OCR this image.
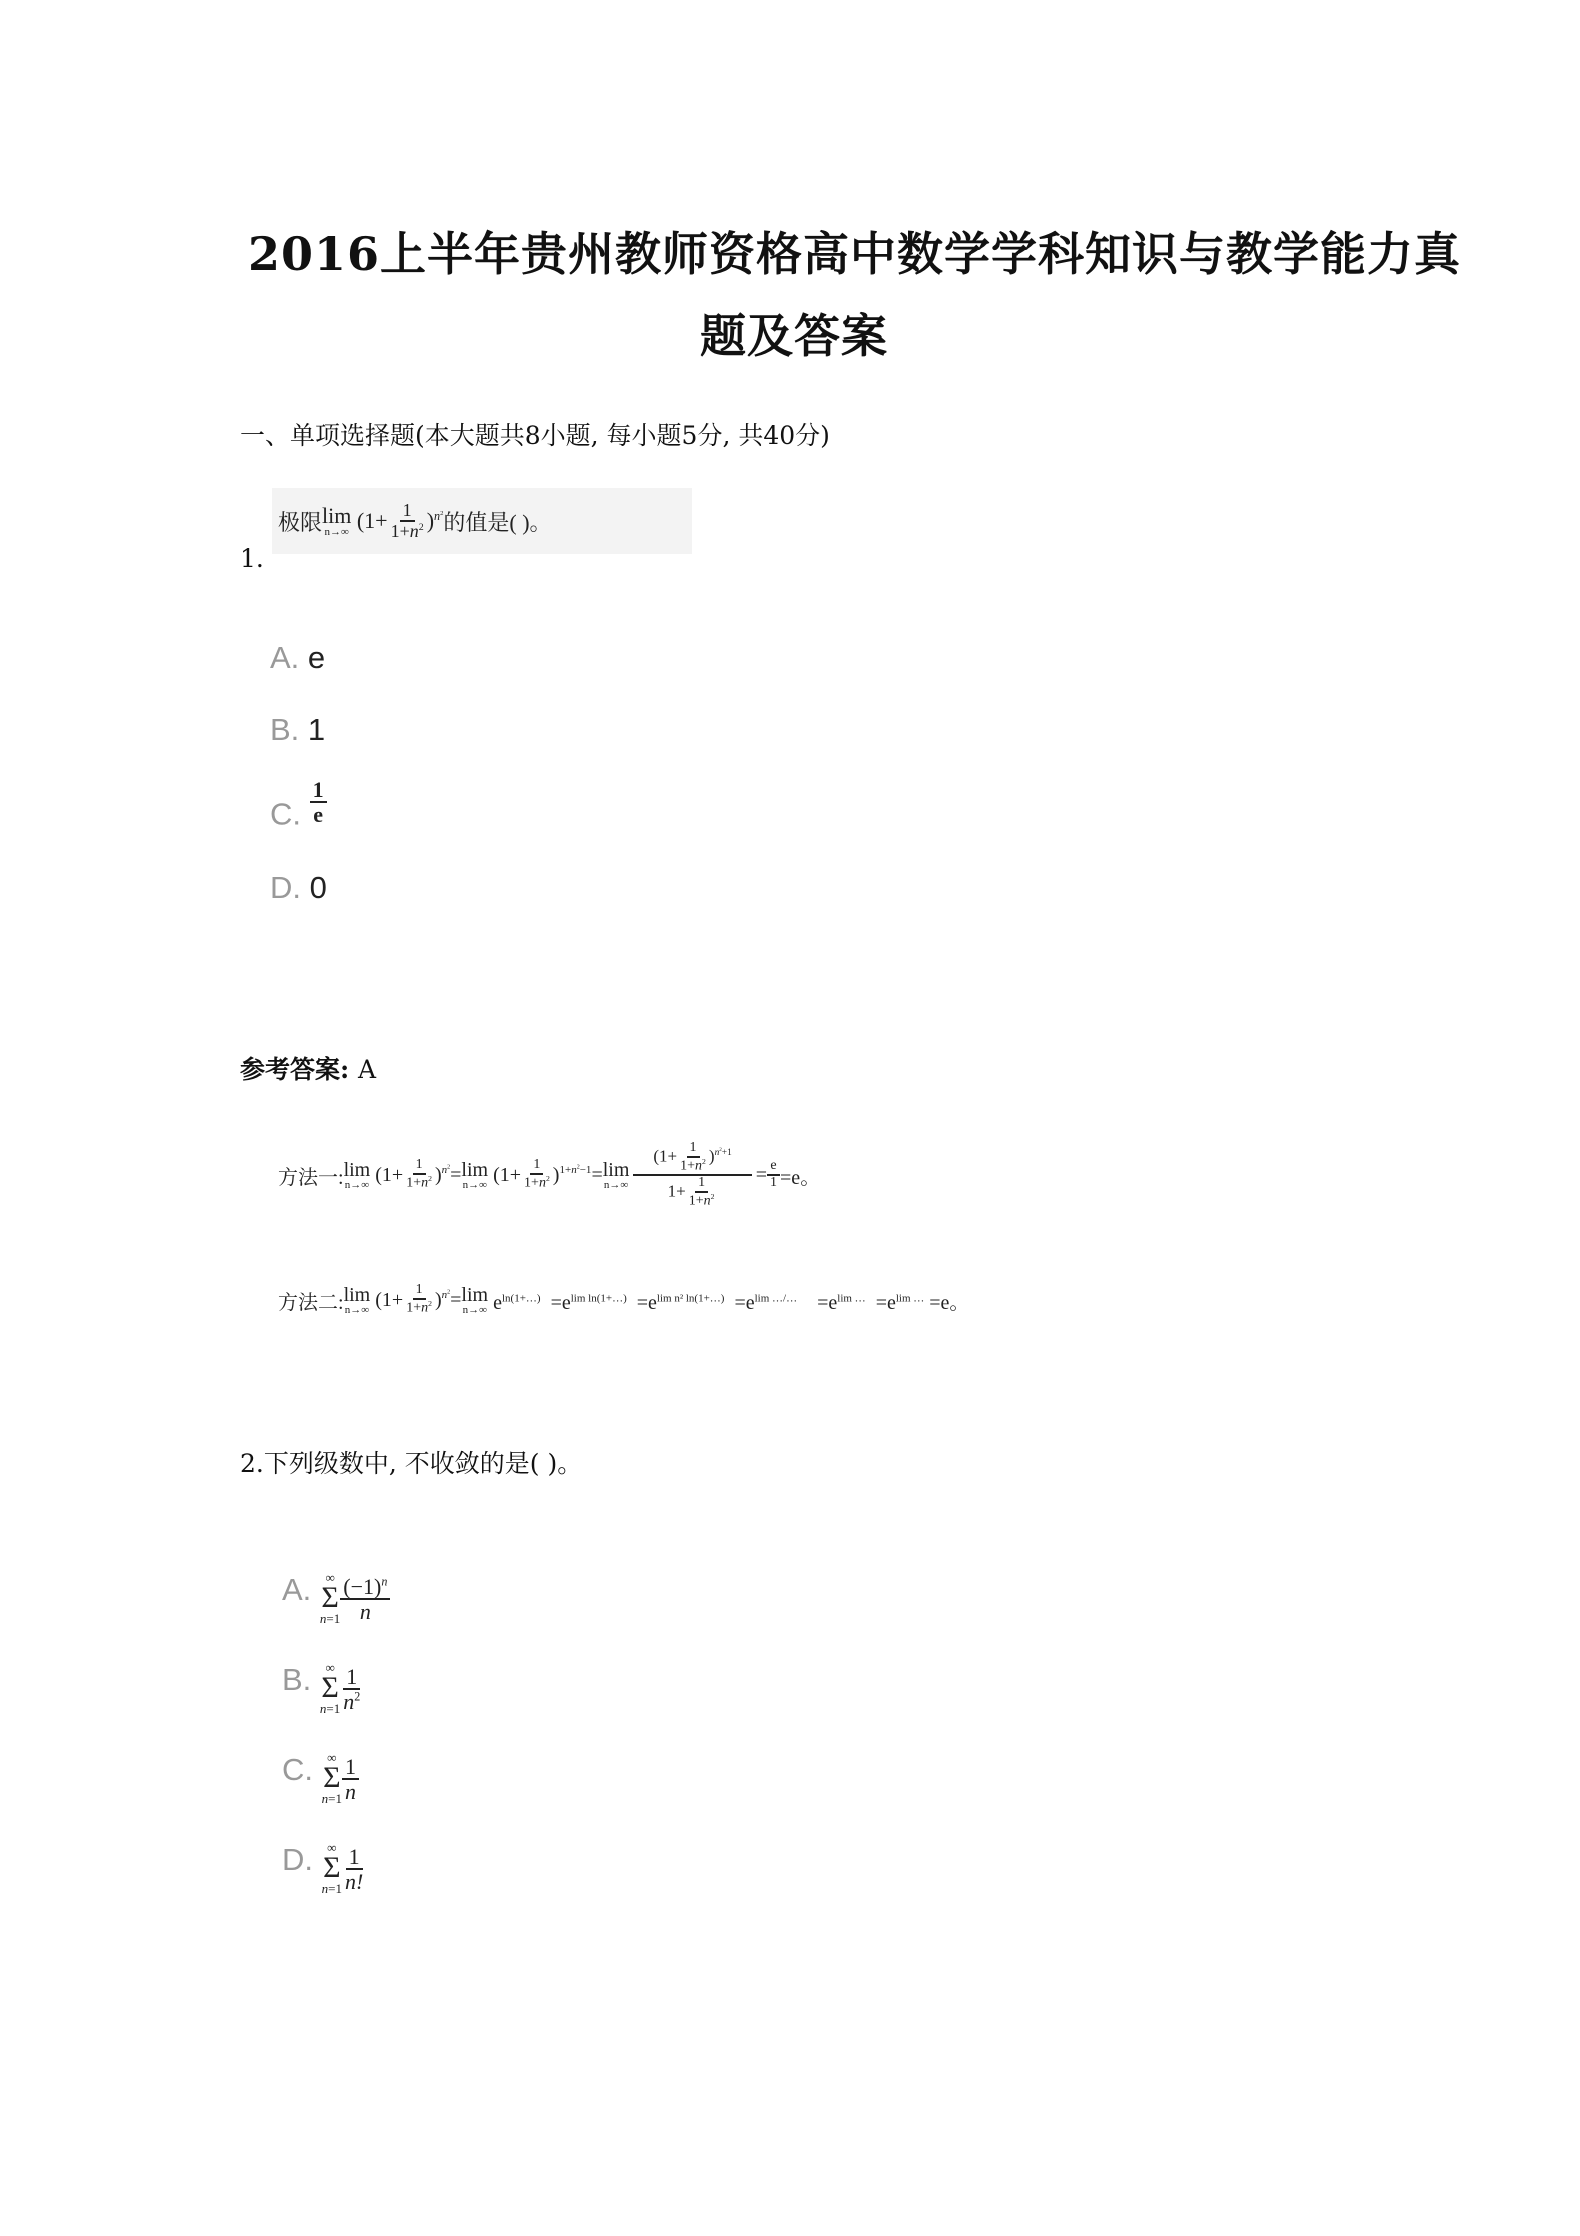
2016上半年贵州教师资格高中数学学科知识与教学能力真
题及答案
一、单项选择题(本大题共8小题, 每小题5分, 共40分)
1.
极限 lim
n→∞ $(1+ \frac{1}{1+n^2} )^{n^2}$ 的值是( )。
A. e
B. 1
C. $\frac{1}{e}$
D. 0
参考答案: A
方法一: lim
n→∞ $(1+ \frac{1}{1+n^2} )^{n^2}= \lim$
n→∞ $(1+ \frac{1}{1+n^2} )^{1+n^2-1}= \lim$
$n\to\infty \frac{(1+ \frac{1}{1+n^2} )^{n^2+1}}{1+ \frac{1}{1+n^2}} = \frac{e}{1} =e$。
方法二: lim
n→∞ $(1+ \frac{1}{1+n^2} )^{n^2}= \lim$
n→∞ $e^{ln(1+\dots)} =e^{lim ln(1+\dots)} =e^{lim n^2 ln(1+\dots)} =e^{lim \dots/\dots}$    $=e^{lim \dots} =e^{lim \dots} =e$。
2.下列级数中, 不收敛的是( )。
A. ∞
Σ
$n=1 \frac{(-1)^n}{n}$
B. ∞
Σ
$n=1 \frac{1}{n^2}$
C. ∞
Σ
$n=1 \frac{1}{n}$
D. ∞
Σ
$n=1 \frac{1}{n!}$
